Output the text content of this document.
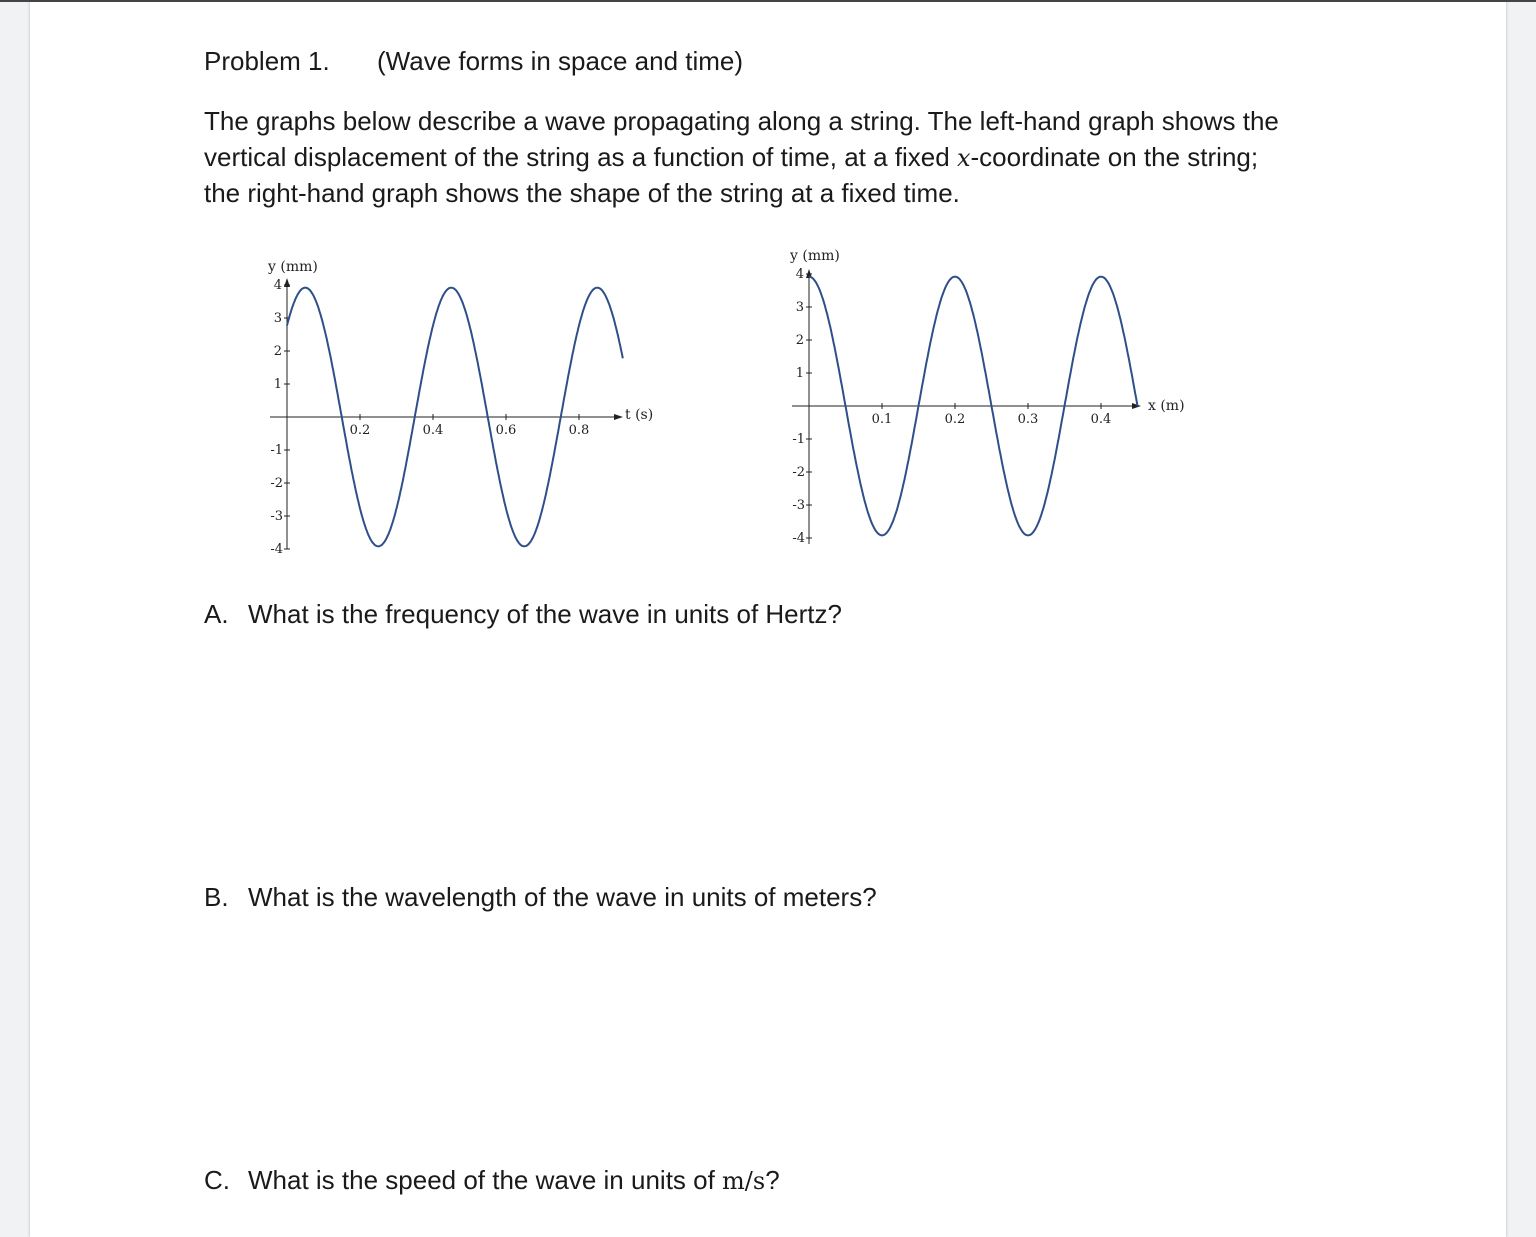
Problem 1. (Wave forms in space and time)
The graphs below describe a wave propagating along a string. The left-hand graph shows the
vertical displacement of the string as a function of time, at a fixed x-coordinate on the string;
the right-hand graph shows the shape of the string at a fixed time.
y (mm)
t (s)
0.2	0.4	0.6	0.8
1
2
3
4
-1
-2
-3
-4
y (mm)
x (m)
0.1	0.2	0.3	0.4
1
2
3
4
-1
-2
-3
-4
A. What is the frequency of the wave in units of Hertz?
B. What is the wavelength of the wave in units of meters?
C. What is the speed of the wave in units of m/s?
